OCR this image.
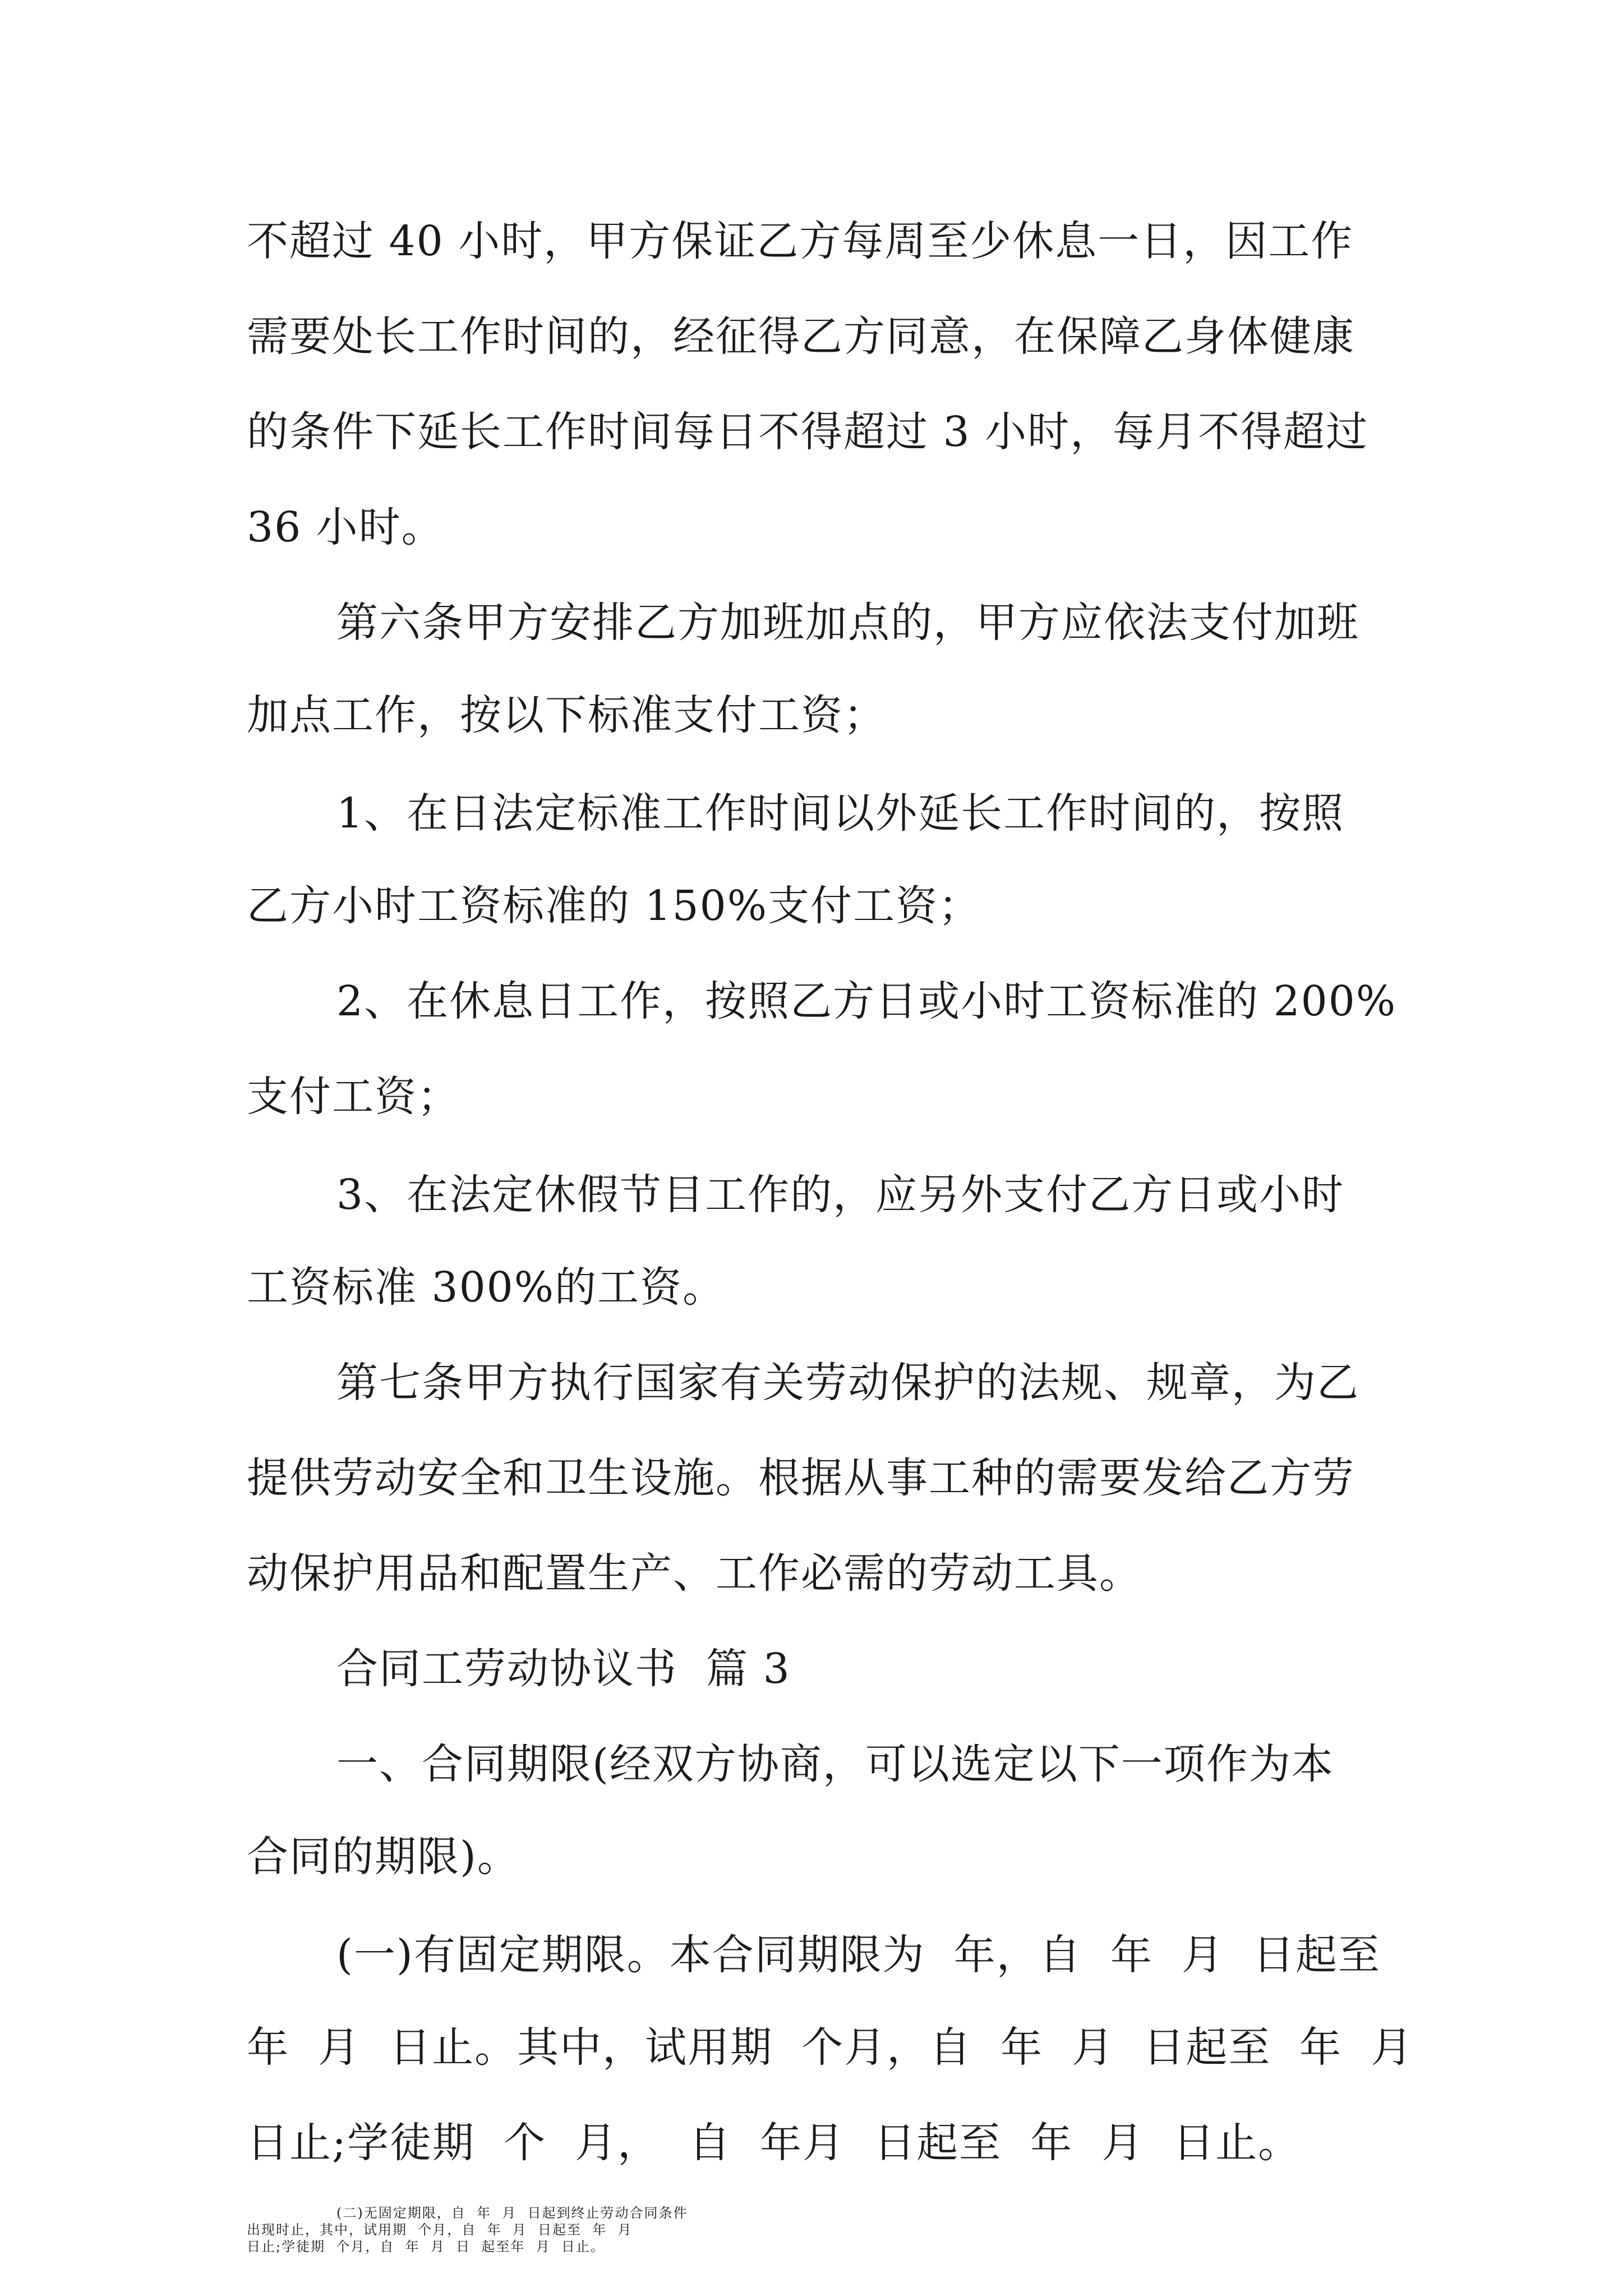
不超过 40 小时，甲方保证乙方每周至少休息一日，因工作
需要处长工作时间的，经征得乙方同意，在保障乙身体健康
的条件下延长工作时间每日不得超过 3 小时，每月不得超过
36 小时。
第六条甲方安排乙方加班加点的，甲方应依法支付加班
加点工作，按以下标准支付工资；
1、在日法定标准工作时间以外延长工作时间的，按照
乙方小时工资标准的 150%支付工资；
2、在休息日工作，按照乙方日或小时工资标准的 200%
支付工资；
3、在法定休假节目工作的，应另外支付乙方日或小时
工资标准 300%的工资。
第七条甲方执行国家有关劳动保护的法规、规章，为乙
提供劳动安全和卫生设施。根据从事工种的需要发给乙方劳
动保护用品和配置生产、工作必需的劳动工具。
合同工劳动协议书  篇 3
一、合同期限(经双方协商，可以选定以下一项作为本
合同的期限)。
(一)有固定期限。本合同期限为  年，自  年  月  日起至
年  月  日止。其中，试用期  个月，自  年  月  日起至  年  月
日止;学徒期  个  月，  自  年月  日起至  年  月  日止。
(二)无固定期限，自  年  月  日起到终止劳动合同条件
出现时止，其中，试用期  个月，自  年  月  日起至  年  月
日止;学徒期  个月，自  年  月  日  起至年  月  日止。
